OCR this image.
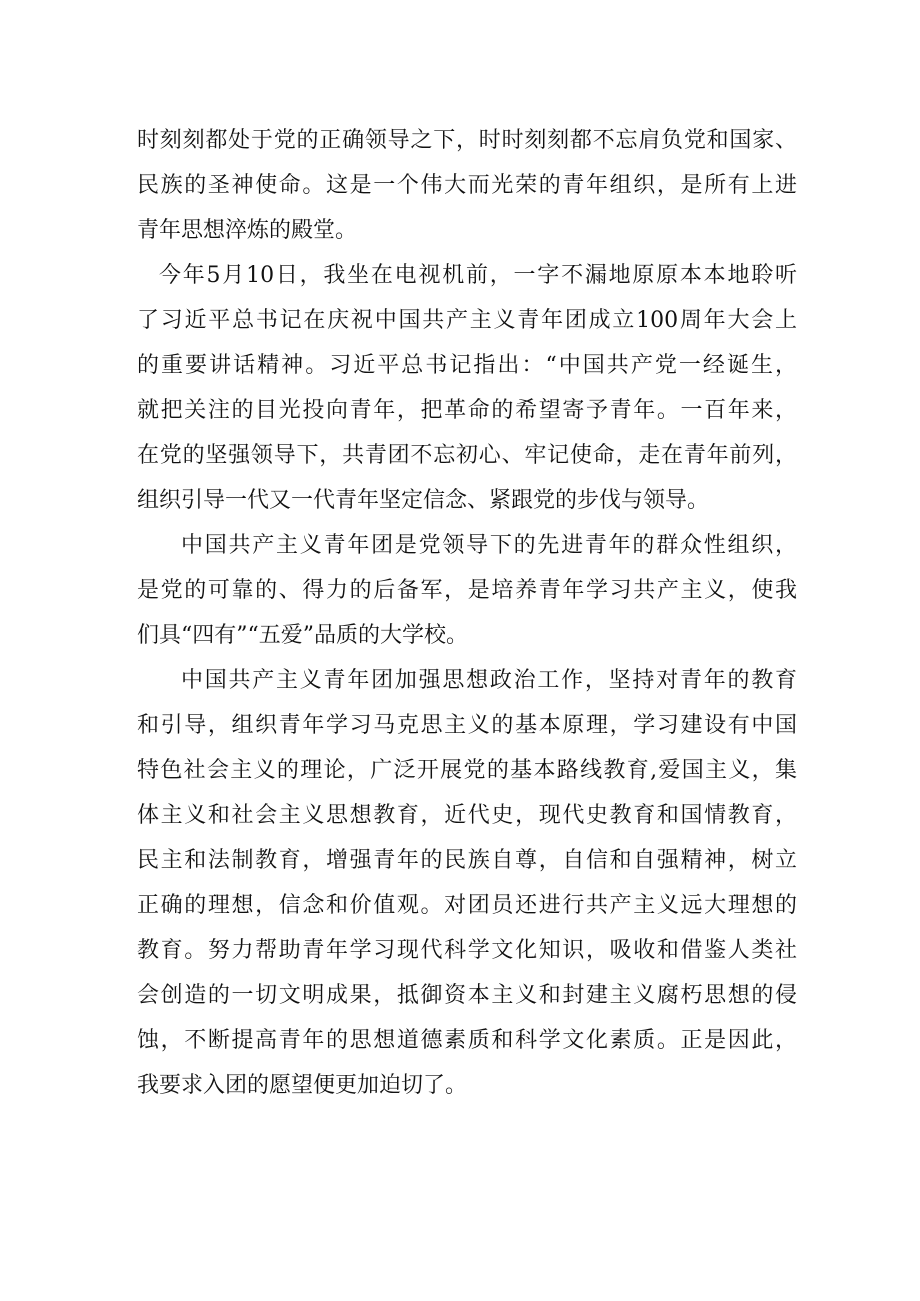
时刻刻都处于党的正确领导之下，时时刻刻都不忘肩负党和国家、
民族的圣神使命。这是一个伟大而光荣的青年组织，是所有上进
青年思想淬炼的殿堂。
今年5月10日，我坐在电视机前，一字不漏地原原本本地聆听
了习近平总书记在庆祝中国共产主义青年团成立100周年大会上
的重要讲话精神。习近平总书记指出：“中国共产党一经诞生，
就把关注的目光投向青年，把革命的希望寄予青年。一百年来，
在党的坚强领导下，共青团不忘初心、牢记使命，走在青年前列，
组织引导一代又一代青年坚定信念、紧跟党的步伐与领导。
中国共产主义青年团是党领导下的先进青年的群众性组织，
是党的可靠的、得力的后备军，是培养青年学习共产主义，使我
们具“四有”“五爱”品质的大学校。
中国共产主义青年团加强思想政治工作，坚持对青年的教育
和引导，组织青年学习马克思主义的基本原理，学习建设有中国
特色社会主义的理论，广泛开展党的基本路线教育,爱国主义，集
体主义和社会主义思想教育，近代史，现代史教育和国情教育，
民主和法制教育，增强青年的民族自尊，自信和自强精神，树立
正确的理想，信念和价值观。对团员还进行共产主义远大理想的
教育。努力帮助青年学习现代科学文化知识，吸收和借鉴人类社
会创造的一切文明成果，抵御资本主义和封建主义腐朽思想的侵
蚀，不断提高青年的思想道德素质和科学文化素质。正是因此，
我要求入团的愿望便更加迫切了。
